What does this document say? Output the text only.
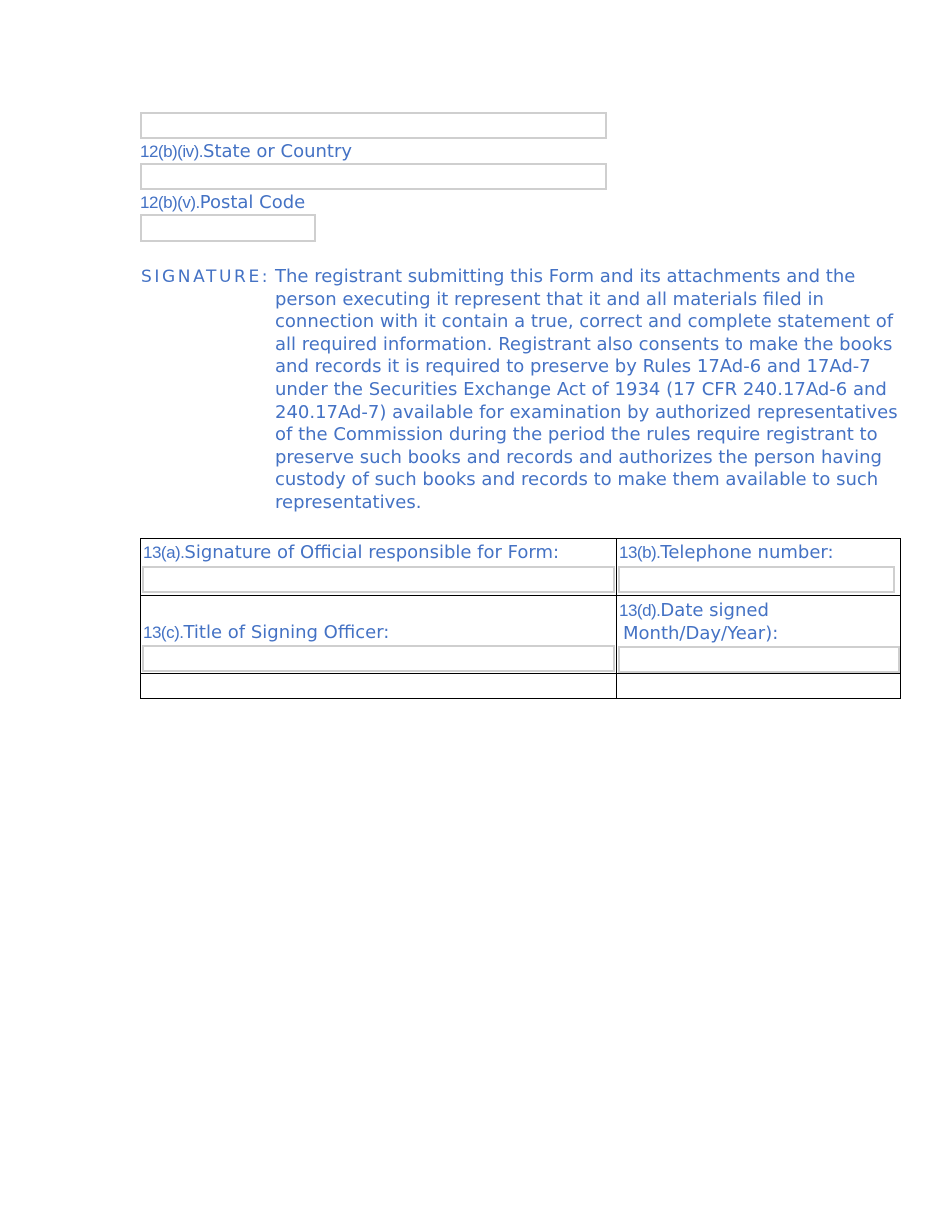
12(b)(iv).State or Country
12(b)(v).Postal Code
SIGNATURE: The registrant submitting this Form and its attachments and the person executing it represent that it and all materials filed in connection with it contain a true, correct and complete statement of all required information. Registrant also consents to make the books and records it is required to preserve by Rules 17Ad-6 and 17Ad-7 under the Securities Exchange Act of 1934 (17 CFR 240.17Ad-6 and 240.17Ad-7) available for examination by authorized representatives of the Commission during the period the rules require registrant to preserve such books and records and authorizes the person having custody of such books and records to make them available to such representatives.
13(a).Signature of Official responsible for Form:	13(b).Telephone number:

13(c).Title of Signing Officer:	13(d).Date signed
Month/Day/Year):
